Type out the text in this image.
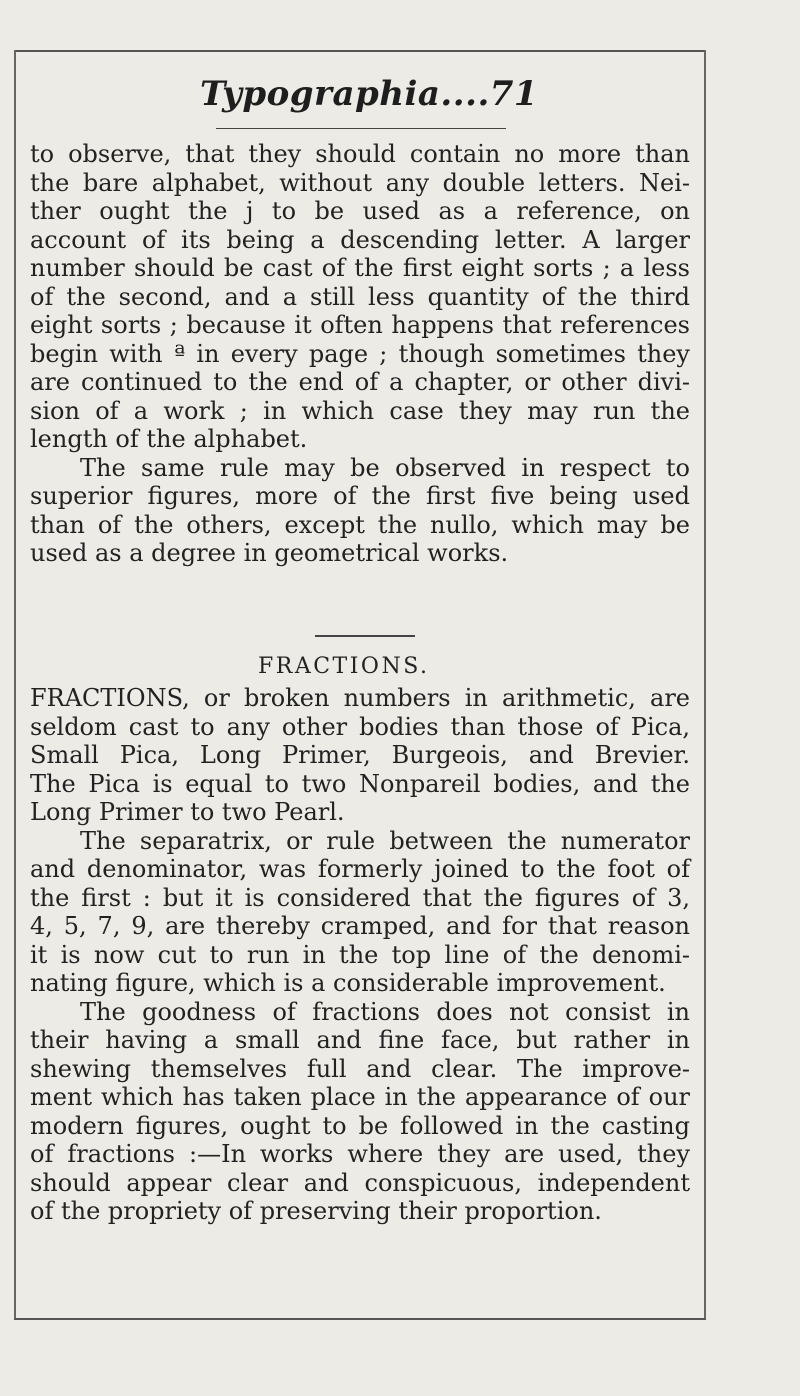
Typographia....71
to observe, that they should contain no more than
the bare alphabet, without any double letters. Nei-
ther ought the j to be used as a reference, on
account of its being a descending letter. A larger
number should be cast of the first eight sorts ; a less
of the second, and a still less quantity of the third
eight sorts ; because it often happens that references
begin with ª in every page ; though sometimes they
are continued to the end of a chapter, or other divi-
sion of a work ; in which case they may run the
length of the alphabet.
The same rule may be observed in respect to
superior figures, more of the first five being used
than of the others, except the nullo, which may be
used as a degree in geometrical works.
FRACTIONS.
FRACTIONS, or broken numbers in arithmetic, are
seldom cast to any other bodies than those of Pica,
Small Pica, Long Primer, Burgeois, and Brevier.
The Pica is equal to two Nonpareil bodies, and the
Long Primer to two Pearl.
The separatrix, or rule between the numerator
and denominator, was formerly joined to the foot of
the first : but it is considered that the figures of 3,
4, 5, 7, 9, are thereby cramped, and for that reason
it is now cut to run in the top line of the denomi-
nating figure, which is a considerable improvement.
The goodness of fractions does not consist in
their having a small and fine face, but rather in
shewing themselves full and clear. The improve-
ment which has taken place in the appearance of our
modern figures, ought to be followed in the casting
of fractions :—In works where they are used, they
should appear clear and conspicuous, independent
of the propriety of preserving their proportion.
